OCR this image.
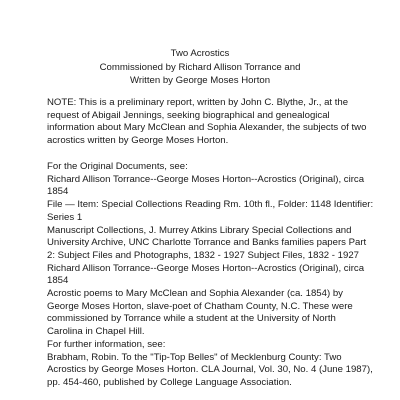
Two Acrostics
Commissioned by Richard Allison Torrance and
Written by George Moses Horton
NOTE: This is a preliminary report, written by John C. Blythe, Jr., at the
request of Abigail Jennings, seeking biographical and genealogical
information about Mary McClean and Sophia Alexander, the subjects of two
acrostics written by George Moses Horton.
For the Original Documents, see:
Richard Allison Torrance--George Moses Horton--Acrostics (Original), circa
1854
File — Item: Special Collections Reading Rm. 10th fl., Folder: 1148 Identifier:
Series 1
Manuscript Collections, J. Murrey Atkins Library Special Collections and
University Archive, UNC Charlotte Torrance and Banks families papers Part
2: Subject Files and Photographs, 1832 - 1927 Subject Files, 1832 - 1927
Richard Allison Torrance--George Moses Horton--Acrostics (Original), circa
1854
Acrostic poems to Mary McClean and Sophia Alexander (ca. 1854) by
George Moses Horton, slave-poet of Chatham County, N.C. These were
commissioned by Torrance while a student at the University of North
Carolina in Chapel Hill.
For further information, see:
Brabham, Robin. To the "Tip-Top Belles" of Mecklenburg County: Two
Acrostics by George Moses Horton. CLA Journal, Vol. 30, No. 4 (June 1987),
pp. 454-460, published by College Language Association.
